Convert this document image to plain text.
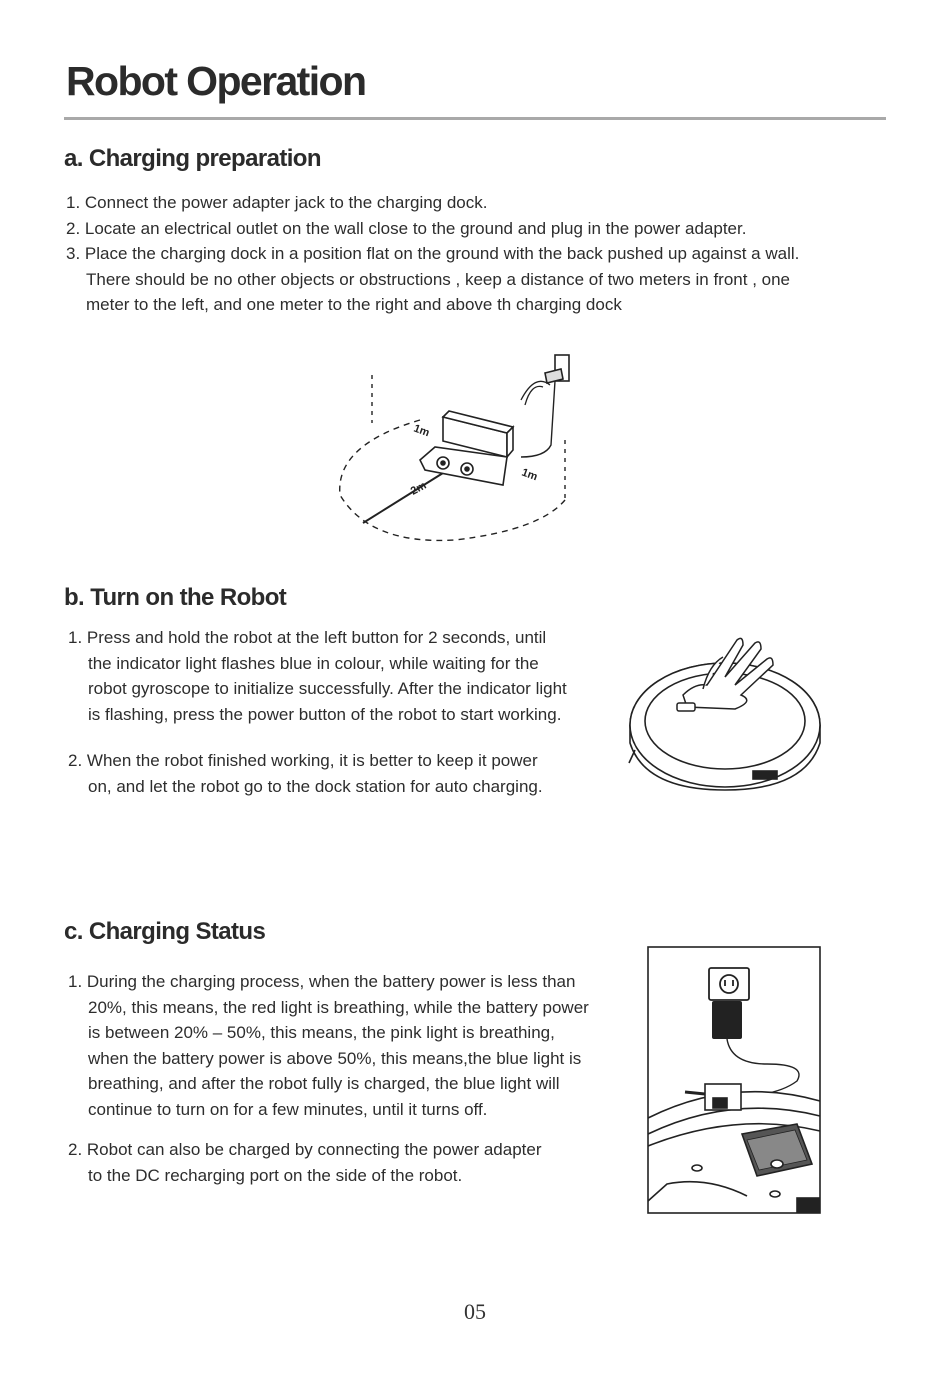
Robot Operation
a. Charging preparation
1. Connect the power adapter jack to the charging dock.
2. Locate an electrical outlet on the wall close to the ground and plug in the power adapter.
3. Place the charging dock in a position flat on the ground with the back pushed up against a wall.
There should be no other objects or obstructions , keep a distance of two meters in front , one
meter to the left, and one meter to the right and above th charging dock
1m
1m
2m
b. Turn on the Robot
1. Press and hold the robot at the left button for 2 seconds, until
the indicator light flashes blue in colour, while waiting for the
robot gyroscope to initialize successfully. After the indicator light
is flashing, press the power button of the robot to start working.
2. When the robot finished working, it is better to keep it power
on, and let the robot go to the dock station for auto charging.
c. Charging Status
1. During the charging process, when the battery power is less than
20%, this means, the red light is breathing, while the battery power
is between 20% – 50%, this means, the pink light is breathing,
when the battery power is above 50%, this means,the blue light is
breathing, and after the robot fully is charged, the blue light will
continue to turn on for a few minutes, until it turns off.
2. Robot can also be charged by connecting the power adapter
to the DC recharging port on the side of the robot.
05
